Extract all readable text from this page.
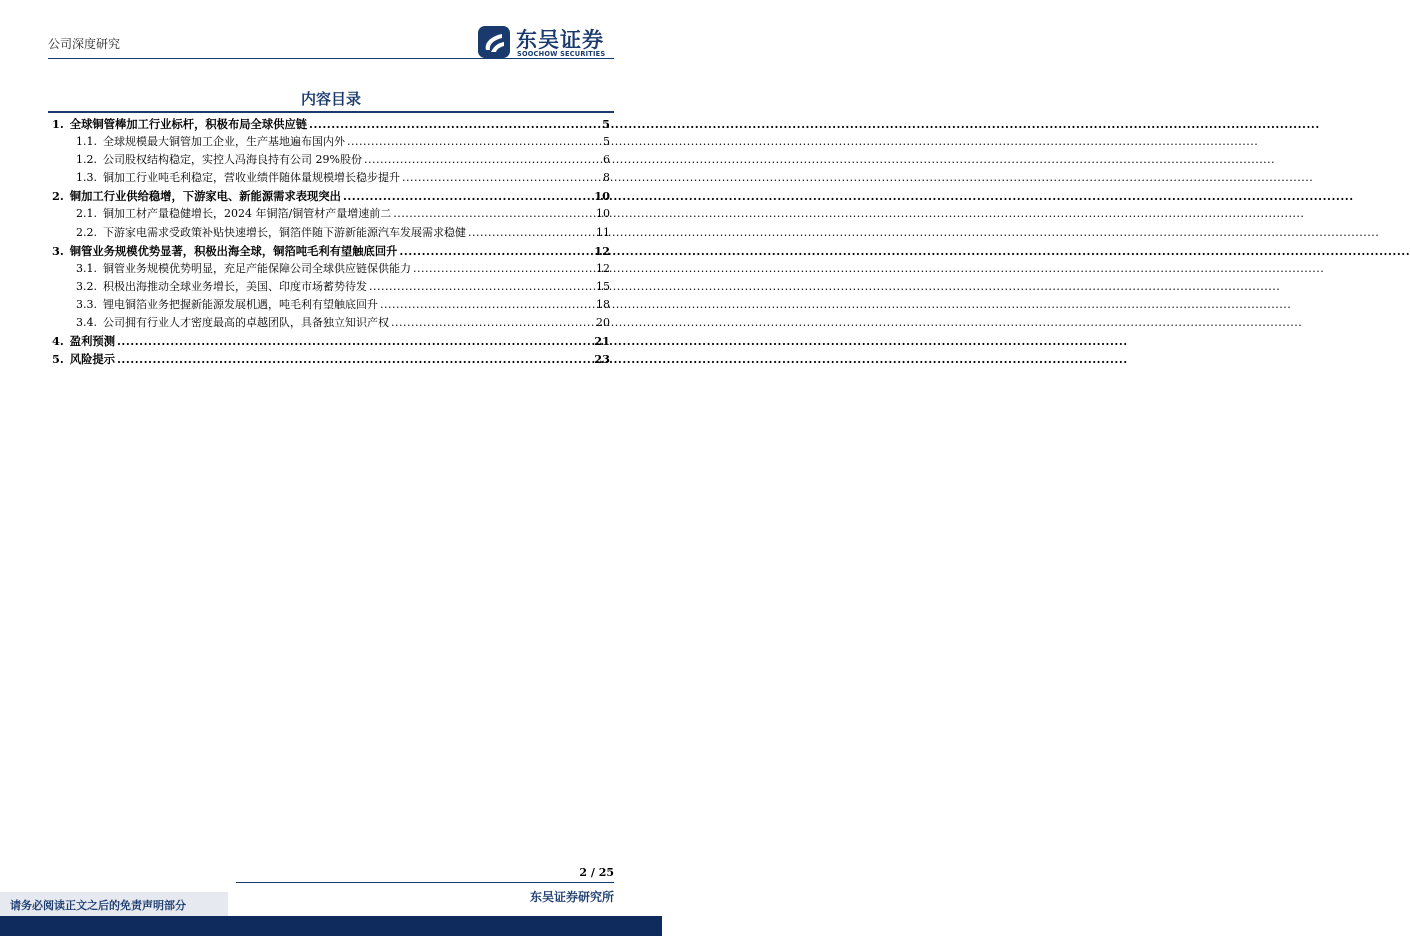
公司深度研究	东吴证券
SOOCHOW SECURITIES
内容目录
1. 全球铜管棒加工行业标杆，积极布局全球供应链 .....	5
1.1. 全球规模最大铜管加工企业，生产基地遍布国内外 .....	5
1.2. 公司股权结构稳定，实控人冯海良持有公司 29%股份 .....	6
1.3. 铜加工行业吨毛利稳定，营收业绩伴随体量规模增长稳步提升 .....	8
2. 铜加工行业供给稳增，下游家电、新能源需求表现突出 .....	10
2.1. 铜加工材产量稳健增长，2024 年铜箔/铜管材产量增速前二 .....	10
2.2. 下游家电需求受政策补贴快速增长，铜箔伴随下游新能源汽车发展需求稳健 .....	11
3. 铜管业务规模优势显著，积极出海全球，铜箔吨毛利有望触底回升 .....	12
3.1. 铜管业务规模优势明显，充足产能保障公司全球供应链保供能力 .....	12
3.2. 积极出海推动全球业务增长，美国、印度市场蓄势待发 .....	15
3.3. 锂电铜箔业务把握新能源发展机遇，吨毛利有望触底回升 .....	18
3.4. 公司拥有行业人才密度最高的卓越团队，具备独立知识产权 .....	20
4. 盈利预测 .....	21
5. 风险提示 .....	23
2 / 25
请务必阅读正文之后的免责声明部分
东吴证券研究所
